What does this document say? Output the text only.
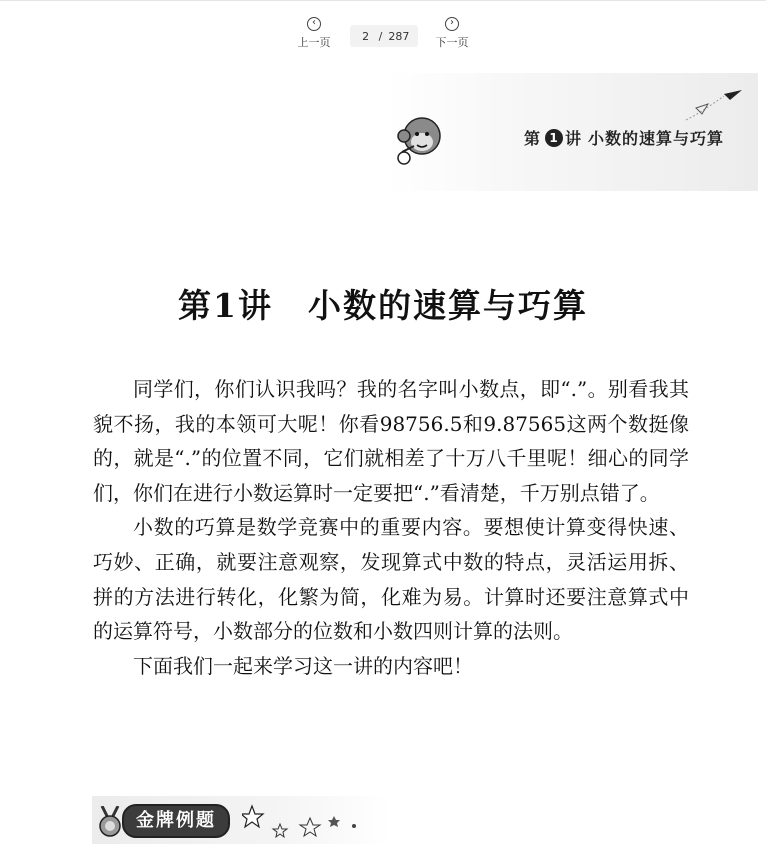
‹
上一页
2	/ 287
›
下一页
第 1 讲 小数的速算与巧算
第1讲　小数的速算与巧算

同学们，你们认识我吗？我的名字叫小数点，即“.”。别看我其貌不扬，我的本领可大呢！你看98756.5和9.87565这两个数挺像的，就是“.”的位置不同，它们就相差了十万八千里呢！细心的同学们，你们在进行小数运算时一定要把“.”看清楚，千万别点错了。

小数的巧算是数学竞赛中的重要内容。要想使计算变得快速、巧妙、正确，就要注意观察，发现算式中数的特点，灵活运用拆、拼的方法进行转化，化繁为简，化难为易。计算时还要注意算式中的运算符号，小数部分的位数和小数四则计算的法则。

下面我们一起来学习这一讲的内容吧！

金牌例题
